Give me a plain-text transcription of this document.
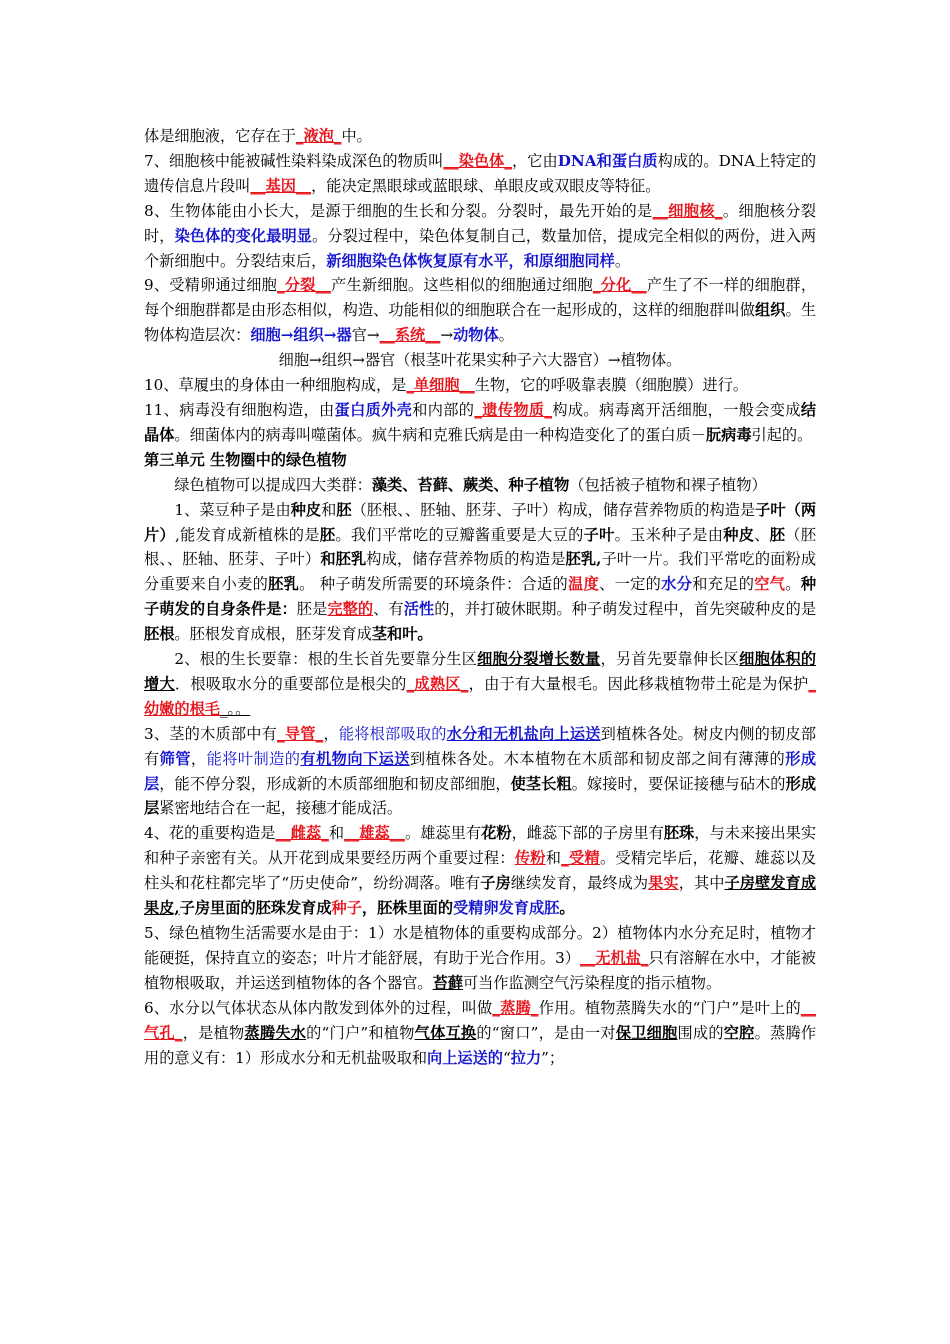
体是细胞液，它存在于_液泡_中。

7、细胞核中能被碱性染料染成深色的物质叫__染色体_，它由DNA和蛋白质构成的。DNA上特定的遗传信息片段叫__基因__，能决定黑眼球或蓝眼球、单眼皮或双眼皮等特征。

8、生物体能由小长大，是源于细胞的生长和分裂。分裂时，最先开始的是__细胞核_。细胞核分裂时，染色体的变化最明显。分裂过程中，染色体复制自己，数量加倍，提成完全相似的两份，进入两个新细胞中。分裂结束后，新细胞染色体恢复原有水平，和原细胞同样。

9、受精卵通过细胞_分裂__产生新细胞。这些相似的细胞通过细胞_分化__产生了不一样的细胞群，每个细胞群都是由形态相似，构造、功能相似的细胞联合在一起形成的，这样的细胞群叫做组织。生物体构造层次：细胞→组织→器官→__系统__→动物体。

细胞→组织→器官（根茎叶花果实种子六大器官）→植物体。

10、草履虫的身体由一种细胞构成，是_单细胞__生物，它的呼吸靠表膜（细胞膜）进行。

11、病毒没有细胞构造，由蛋白质外壳和内部的_遗传物质_构成。病毒离开活细胞，一般会变成结晶体。细菌体内的病毒叫噬菌体。疯牛病和克雅氏病是由一种构造变化了的蛋白质－朊病毒引起的。

第三单元 生物圈中的绿色植物

绿色植物可以提成四大类群：藻类、苔藓、蕨类、种子植物（包括被子植物和裸子植物）

1、菜豆种子是由种皮和胚（胚根、、胚轴、胚芽、子叶）构成，储存营养物质的构造是子叶（两片）,能发育成新植株的是胚。我们平常吃的豆瓣酱重要是大豆的子叶。玉米种子是由种皮、胚（胚根、、胚轴、胚芽、子叶）和胚乳构成，储存营养物质的构造是胚乳,子叶一片。我们平常吃的面粉成分重要来自小麦的胚乳。 种子萌发所需要的环境条件：合适的温度、一定的水分和充足的空气。种子萌发的自身条件是：胚是完整的、有活性的，并打破休眠期。种子萌发过程中，首先突破种皮的是胚根。胚根发育成根，胚芽发育成茎和叶。

2、根的生长要靠：根的生长首先要靠分生区细胞分裂增长数量，另首先要靠伸长区细胞体积的增大．根吸取水分的重要部位是根尖的_成熟区_，由于有大量根毛。因此移栽植物带土砣是为保护_幼嫩的根毛_。。

3、茎的木质部中有_导管_，能将根部吸取的水分和无机盐向上运送到植株各处。树皮内侧的韧皮部有筛管，能将叶制造的有机物向下运送到植株各处。木本植物在木质部和韧皮部之间有薄薄的形成层，能不停分裂，形成新的木质部细胞和韧皮部细胞，使茎长粗。嫁接时，要保证接穗与砧木的形成层紧密地结合在一起，接穗才能成活。

4、花的重要构造是__雌蕊_和__雄蕊__。雄蕊里有花粉，雌蕊下部的子房里有胚珠，与未来接出果实和种子亲密有关。从开花到成果要经历两个重要过程：传粉和_受精。受精完毕后，花瓣、雄蕊以及柱头和花柱都完毕了“历史使命”，纷纷凋落。唯有子房继续发育，最终成为果实，其中子房壁发育成果皮,子房里面的胚珠发育成种子，胚株里面的受精卵发育成胚。

5、绿色植物生活需要水是由于：1）水是植物体的重要构成部分。2）植物体内水分充足时，植物才能硬挺，保持直立的姿态；叶片才能舒展，有助于光合作用。3）__无机盐_只有溶解在水中，才能被植物根吸取，并运送到植物体的各个器官。苔藓可当作监测空气污染程度的指示植物。

6、水分以气体状态从体内散发到体外的过程，叫做_蒸腾_作用。植物蒸腾失水的“门户”是叶上的__气孔_，是植物蒸腾失水的“门户”和植物气体互换的“窗口”，是由一对保卫细胞围成的空腔。蒸腾作用的意义有：1）形成水分和无机盐吸取和向上运送的“拉力”；
